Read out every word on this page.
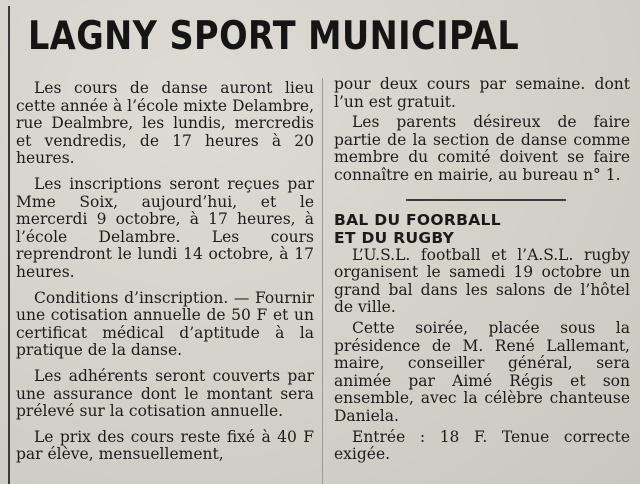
LAGNY SPORT MUNICIPAL

Les cours de danse auront lieu cette année à l’école mixte Delambre, rue Dealmbre, les lundis, mercredis et vendredis, de 17 heures à 20 heures.

Les inscriptions seront reçues par Mme Soix, aujourd’hui, et le mercerdi 9 octobre, à 17 heures, à l’école Delambre. Les cours reprendront le lundi 14 octobre, à 17 heures.

Conditions d’inscription. — Fournir une cotisation annuelle de 50 F et un certificat médical d’aptitude à la pratique de la danse.

Les adhérents seront couverts par une assurance dont le montant sera prélevé sur la cotisation annuelle.

Le prix des cours reste fixé à 40 F par élève, mensuellement,

pour deux cours par semaine. dont l’un est gratuit.

Les parents désireux de faire partie de la section de danse comme membre du comité doivent se faire connaître en mairie, au bureau n° 1.

BAL DU FOORBALL
ET DU RUGBY

L’U.S.L. football et l’A.S.L. rugby organisent le samedi 19 octobre un grand bal dans les salons de l’hôtel de ville.

Cette soirée, placée sous la présidence de M. René Lallemant, maire, conseiller général, sera animée par Aimé Régis et son ensemble, avec la célèbre chanteuse Daniela.

Entrée : 18 F. Tenue correcte exigée.
